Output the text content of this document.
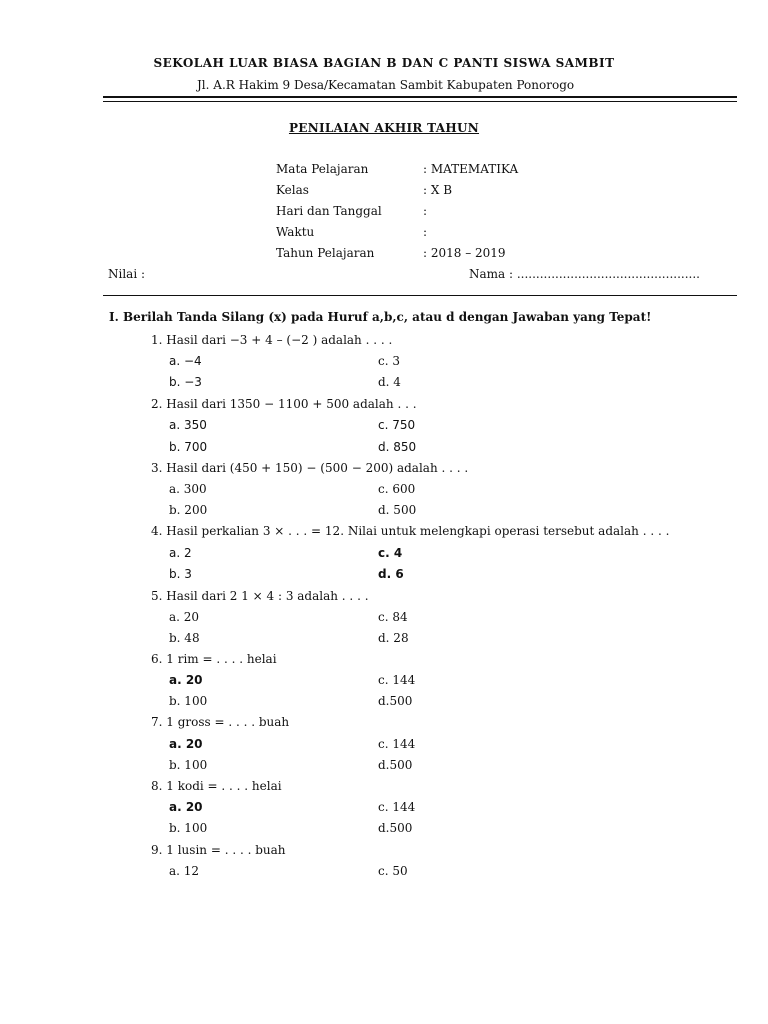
SEKOLAH LUAR BIASA BAGIAN B DAN C PANTI SISWA SAMBIT
Jl. A.R Hakim 9 Desa/Kecamatan Sambit Kabupaten Ponorogo
PENILAIAN AKHIR TAHUN
Mata Pelajaran	: MATEMATIKA
Kelas	: X B
Hari dan Tanggal	:
Waktu	:
Tahun Pelajaran	: 2018 – 2019
Nilai :	Nama : ................................................
I. Berilah Tanda Silang (x) pada Huruf a,b,c, atau d dengan Jawaban yang Tepat!
1. Hasil dari −3 + 4 – (−2 ) adalah . . . .
a. −4	c. 3
b. −3	d. 4
2. Hasil dari 1350 − 1100 + 500 adalah . . .
a. 350	c. 750
b. 700	d. 850
3. Hasil dari (450 + 150) − (500 − 200) adalah . . . .
a. 300	c. 600
b. 200	d. 500
4. Hasil perkalian 3 × . . . = 12. Nilai untuk melengkapi operasi tersebut adalah . . . .
a. 2	c. 4
b. 3	d. 6
5. Hasil dari 2 1 × 4 : 3 adalah . . . .
a. 20	c. 84
b. 48	d. 28
6. 1 rim = . . . . helai
a. 20	c. 144
b. 100	d.500
7. 1 gross = . . . . buah
a. 20	c. 144
b. 100	d.500
8. 1 kodi = . . . . helai
a. 20	c. 144
b. 100	d.500
9. 1 lusin = . . . . buah
a. 12	c. 50
